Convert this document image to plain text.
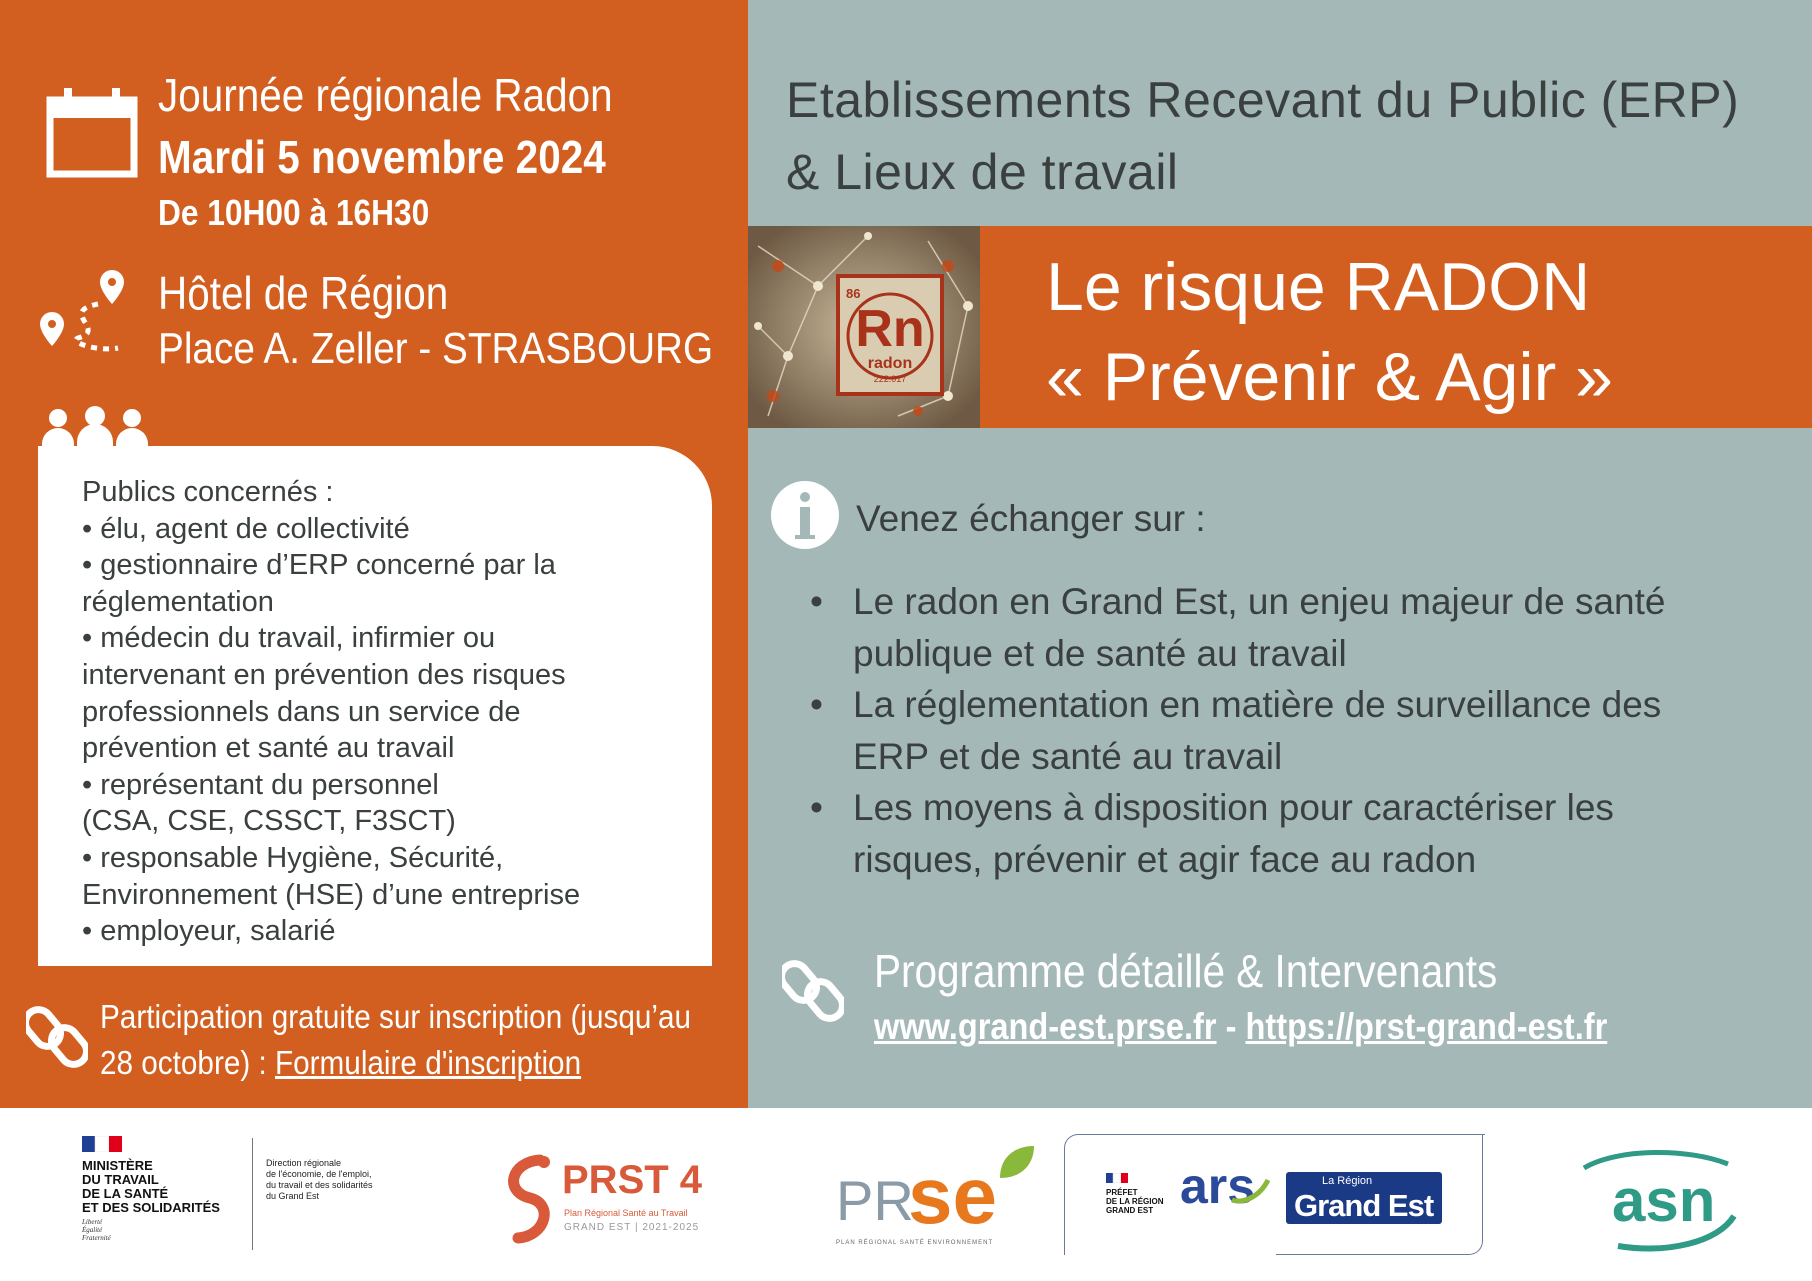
86
Rn
radon
222.017
Journée régionale Radon
Mardi 5 novembre 2024
De 10H00 à 16H30
Hôtel de Région
Place A. Zeller - STRASBOURG
Publics concernés :
• élu, agent de collectivité
• gestionnaire d’ERP concerné par la
réglementation
• médecin du travail, infirmier ou
intervenant en prévention des risques
professionnels dans un service de
prévention et santé au travail
• représentant du personnel
(CSA, CSE, CSSCT, F3SCT)
• responsable Hygiène, Sécurité,
Environnement (HSE) d’une entreprise
• employeur, salarié
Participation gratuite sur inscription (jusqu’au
28 octobre) : Formulaire d'inscription
Etablissements Recevant du Public (ERP)
& Lieux de travail
Le risque RADON
« Prévenir & Agir »
Venez échanger sur :
• Le radon en Grand Est, un enjeu majeur de santé
publique et de santé au travail
• La réglementation en matière de surveillance des
ERP et de santé au travail
• Les moyens à disposition pour caractériser les
risques, prévenir et agir face au radon
Programme détaillé & Intervenants
www.grand-est.prse.fr - https://prst-grand-est.fr
MINISTÈRE
DU TRAVAIL
DE LA SANTÉ
ET DES SOLIDARITÉS
Liberté
Égalité
Fraternité
Direction régionale
de l'économie, de l'emploi,
du travail et des solidarités
du Grand Est	PRST 4
Plan Régional Santé au Travail
GRAND EST | 2021-2025 PR
se
PLAN RÉGIONAL SANTÉ ENVIRONNEMENT
PRÉFET
DE LA RÉGION
GRAND EST ars	La Région
Grand Est	asn
